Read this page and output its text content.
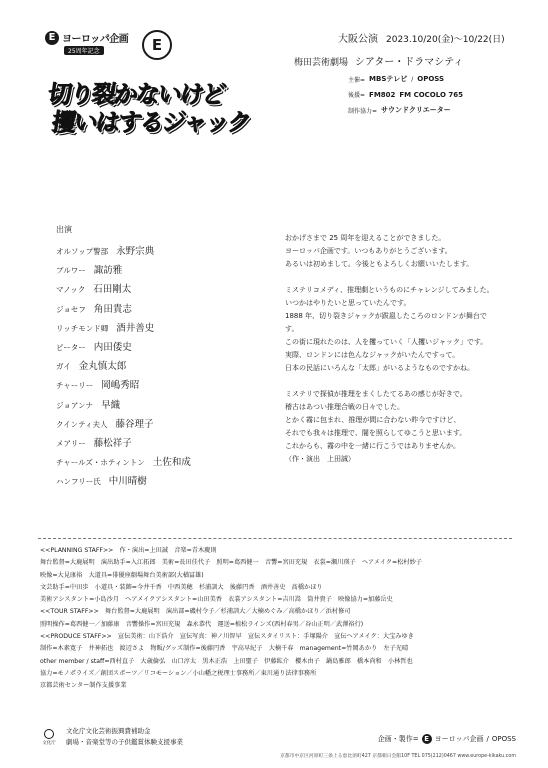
E ヨーロッパ企画
25周年記念	E
切り裂かないけど
攫いはするジャック
大阪公演 2023.10/20(金)〜10/22(日)
梅田芸術劇場 シアター・ドラマシティ
主催= MBSテレビ / OPOSS
後援= FM802 FM COCOLO 765
制作協力= サウンドクリエーター
出演
オルソップ警部 永野宗典
ブルワー 諏訪雅
マノック 石田剛太
ジョセフ 角田貴志
リッチモンド卿 酒井善史
ピーター 内田倭史
ガイ 金丸慎太郎
チャーリー 岡嶋秀昭
ジョアンナ 早織
クインティ夫人 藤谷理子
メアリー 藤松祥子
チャールズ・ホティントン 土佐和成
ハンフリー氏 中川晴樹
おかげさまで 25 周年を迎えることができました。
ヨーロッパ企画です。いつもありがとうございます。
あるいは初めまして。今後ともよろしくお願いいたします。
ミステリコメディ、推理劇というものにチャレンジしてみました。
いつかはやりたいと思っていたんです。
1888 年、切り裂きジャックが跋扈したころのロンドンが舞台で
す。
この街に現れたのは、人を攫っていく「人攫いジャック」です。
実際、ロンドンには色んなジャックがいたんですって。
日本の民話にいろんな「太郎」がいるようなものですかね。
ミステリで探偵が推理をまくしたてるあの感じが好きで。
稽古はあつい推理合戦の日々でした。
とかく霧に包まれ、推理が間に合わない昨今ですけど、
それでも我々は推理で、闇を照らしてゆこうと思います。
これからも、霧の中を一緒に行こうではありませんか。
（作・演出　上田誠）
<<PLANNING STAFF>>　作・演出=上田誠　音楽=青木慶則
舞台監督=大鹿展明　演出助手=入江拓郎　美術=長田佳代子　照明=葛西健一　音響=宮田充規　衣裳=瀬川瑛子　ヘアメイク=松村妙子
映像=大見康裕　大道具=俳優座劇場舞台美術部(大楢冨雄)
文芸助手=中田歩　小道具・装飾=今井千香　中西美穂　杉浦訓大　後藤円香　酒井善史　髙橋かほり
美術アシスタント=小島沙月　ヘアメイクアシスタント=山田美香　衣裳アシスタント=吉川嵩　筒井貴子　映像協力=加藤岳史
<<TOUR STAFF>>　舞台監督=大鹿展明　演出部=磯村令子／杉浦訓大／大楠めぐみ／高橋かほり／浜村修司
照明操作=葛西健一／加藤康　音響操作=宮田充規　森永恭代　運送=植松ラインズ(西村春男／谷山正明／武澤裕行)
<<PRODUCE STAFF>>　宣伝美術：山下浩介　宣伝写真：神ノ川智早　宣伝スタイリスト：手塚陽介　宣伝ヘアメイク：大宝みゆき
制作=木素寛子　井神拓也　渡辺さよ　物販/グッズ制作=後藤円香　宇高早紀子　大楠千春　management=竹岡あかり　左子光晴
other member / staff=西村直子　大歳倫弘　山口淳太　黒木正浩　上田聖子　伊藤紘介　櫻木由子　鍋島雅郎　橋本尚和　小林哲也
協力=モノポライズ／創団スポーツ／リコモーション／小山幡之税理士事務所／東川通り法律事務所
京都芸術センター制作支援事業
文化庁
文化庁文化芸術振興費補助金
劇場・音楽堂等の子供鑑賞体験支援事業	企画・製作= E ヨーロッパ企画 / OPOSS
京都市中京区河原町三条上る恵比須町427 京都朝日会館10F TEL 075(212)0467 www.europe-kikaku.com
